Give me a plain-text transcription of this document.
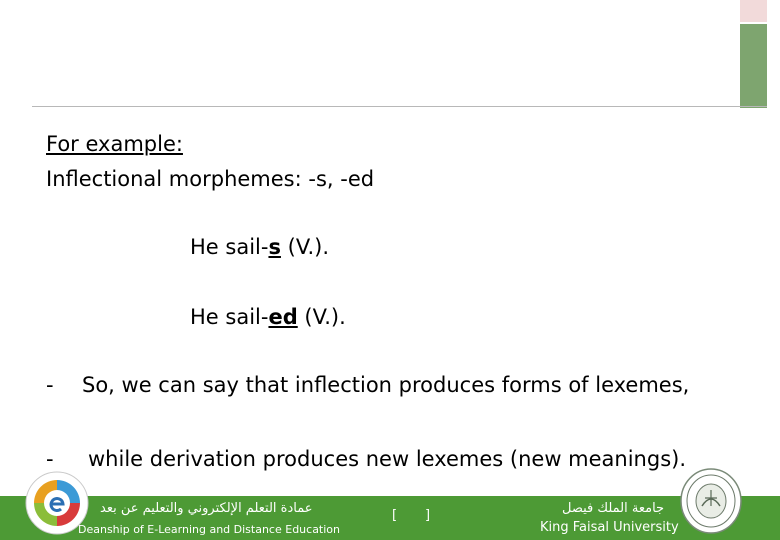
For example:
Inflectional morphemes: -s, -ed
He sail-s (V.).
He sail-ed (V.).
- So, we can say that inflection produces forms of lexemes,
- while derivation produces new lexemes (new meanings).
عمادة التعلم الإلكتروني والتعليم عن بعد
Deanship of E-Learning and Distance Education
[ ]	جامعة الملك فيصل
King Faisal University
